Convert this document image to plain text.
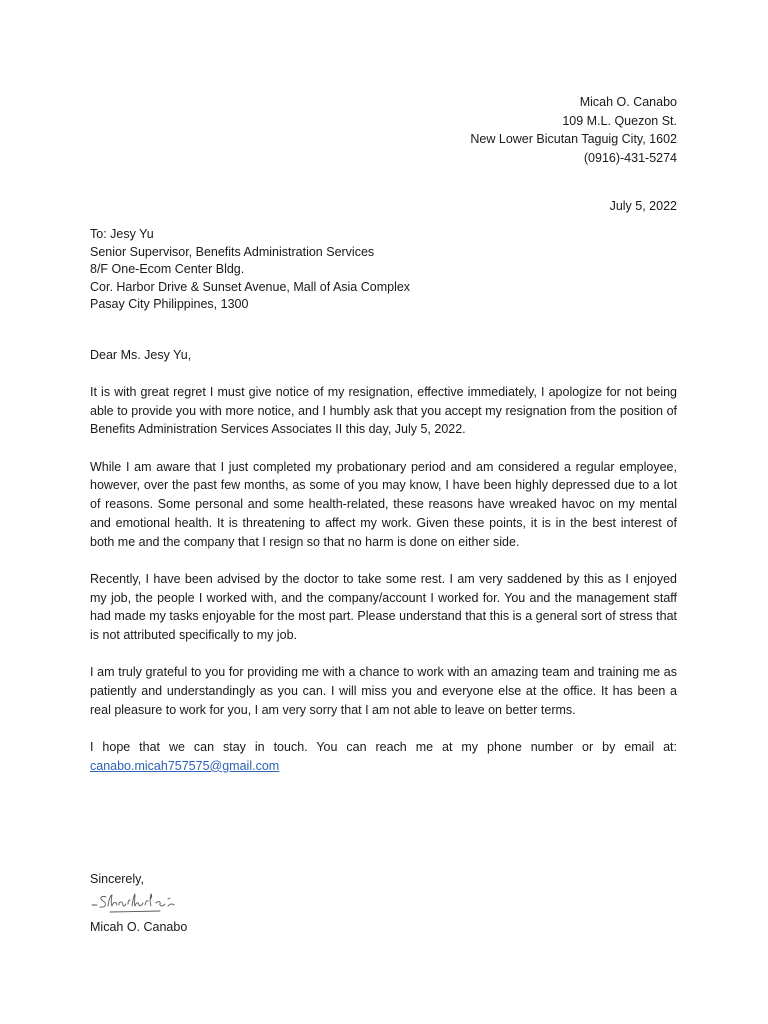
Micah O. Canabo
109 M.L. Quezon St.
New Lower Bicutan Taguig City, 1602
(0916)-431-5274
July 5, 2022
To: Jesy Yu
Senior Supervisor, Benefits Administration Services
8/F One-Ecom Center Bldg.
Cor. Harbor Drive & Sunset Avenue, Mall of Asia Complex
Pasay City Philippines, 1300
Dear Ms. Jesy Yu,

It is with great regret I must give notice of my resignation, effective immediately, I apologize for not being able to provide you with more notice, and I humbly ask that you accept my resignation from the position of Benefits Administration Services Associates II this day, July 5, 2022.

While I am aware that I just completed my probationary period and am considered a regular employee, however, over the past few months, as some of you may know, I have been highly depressed due to a lot of reasons. Some personal and some health-related, these reasons have wreaked havoc on my mental and emotional health. It is threatening to affect my work. Given these points, it is in the best interest of both me and the company that I resign so that no harm is done on either side.

Recently, I have been advised by the doctor to take some rest. I am very saddened by this as I enjoyed my job, the people I worked with, and the company/account I worked for. You and the management staff had made my tasks enjoyable for the most part. Please understand that this is a general sort of stress that is not attributed specifically to my job.

I am truly grateful to you for providing me with a chance to work with an amazing team and training me as patiently and understandingly as you can. I will miss you and everyone else at the office. It has been a real pleasure to work for you, I am very sorry that I am not able to leave on better terms.

I hope that we can stay in touch. You can reach me at my phone number or by email at: canabo.micah757575@gmail.com

Sincerely,
Micah O. Canabo
